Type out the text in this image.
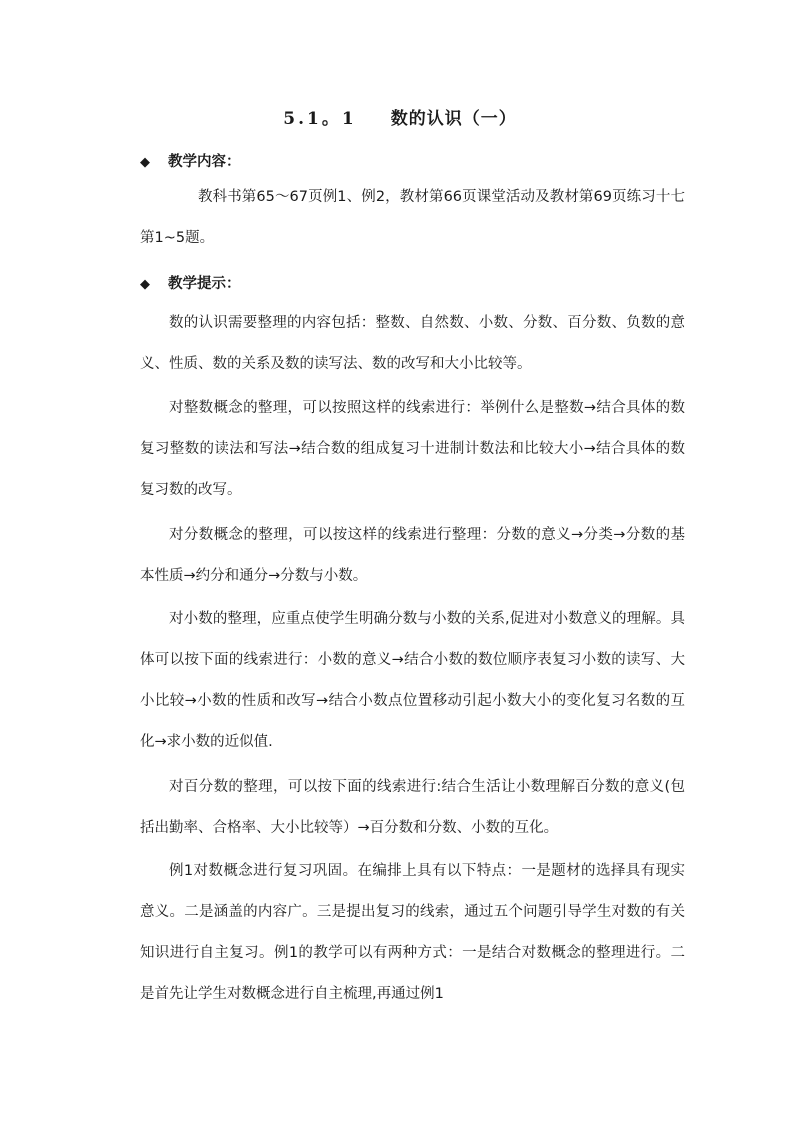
5.1。1 数的认识（一）
◆ 教学内容：

教科书第65～67页例1、例2，教材第66页课堂活动及教材第69页练习十七第1~5题。

◆ 教学提示：

数的认识需要整理的内容包括：整数、自然数、小数、分数、百分数、负数的意义、性质、数的关系及数的读写法、数的改写和大小比较等。

对整数概念的整理，可以按照这样的线索进行：举例什么是整数→结合具体的数复习整数的读法和写法→结合数的组成复习十进制计数法和比较大小→结合具体的数复习数的改写。

对分数概念的整理，可以按这样的线索进行整理：分数的意义→分类→分数的基本性质→约分和通分→分数与小数。

对小数的整理，应重点使学生明确分数与小数的关系,促进对小数意义的理解。具体可以按下面的线索进行：小数的意义→结合小数的数位顺序表复习小数的读写、大小比较→小数的性质和改写→结合小数点位置移动引起小数大小的变化复习名数的互化→求小数的近似值.

对百分数的整理，可以按下面的线索进行:结合生活让小数理解百分数的意义(包括出勤率、合格率、大小比较等）→百分数和分数、小数的互化。

例1对数概念进行复习巩固。在编排上具有以下特点：一是题材的选择具有现实意义。二是涵盖的内容广。三是提出复习的线索，通过五个问题引导学生对数的有关知识进行自主复习。例1的教学可以有两种方式：一是结合对数概念的整理进行。二是首先让学生对数概念进行自主梳理,再通过例1
